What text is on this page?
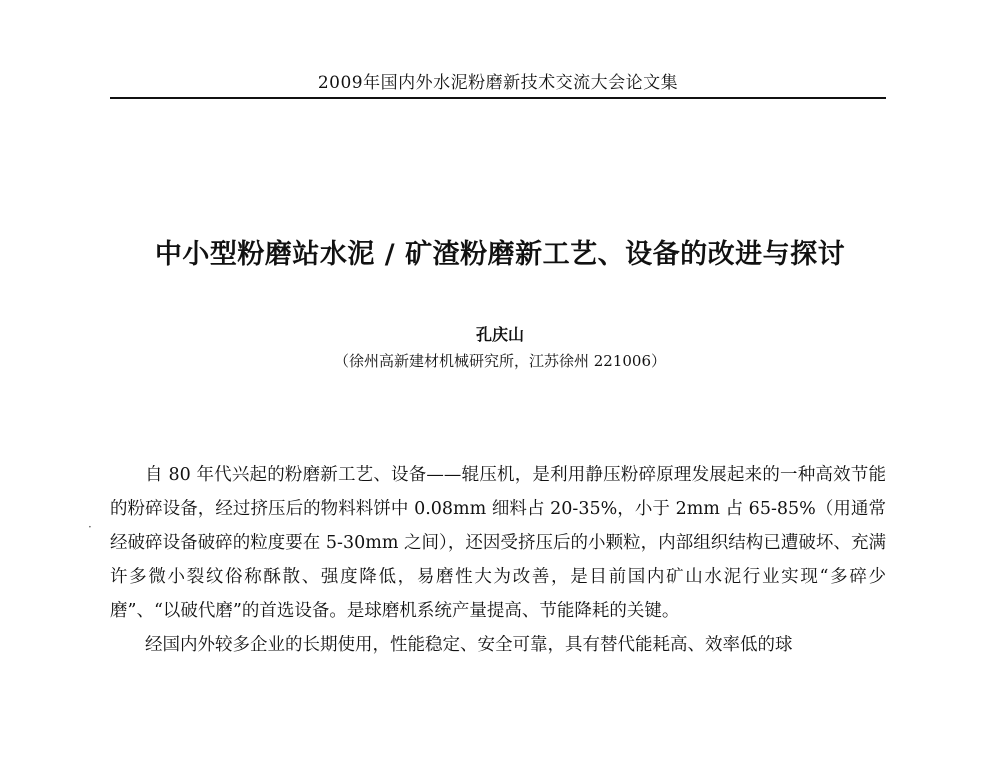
2009年国内外水泥粉磨新技术交流大会论文集
中小型粉磨站水泥 / 矿渣粉磨新工艺、设备的改进与探讨
孔庆山
（徐州高新建材机械研究所，江苏徐州 221006）
·

自 80 年代兴起的粉磨新工艺、设备——辊压机，是利用静压粉碎原理发展起来的一种高效节能的粉碎设备，经过挤压后的物料料饼中 0.08mm 细料占 20-35%，小于 2mm 占 65-85%（用通常经破碎设备破碎的粒度要在 5-30mm 之间），还因受挤压后的小颗粒，内部组织结构已遭破坏、充满许多微小裂纹俗称酥散、强度降低，易磨性大为改善，是目前国内矿山水泥行业实现“多碎少磨”、“以破代磨”的首选设备。是球磨机系统产量提高、节能降耗的关键。

经国内外较多企业的长期使用，性能稳定、安全可靠，具有替代能耗高、效率低的球
